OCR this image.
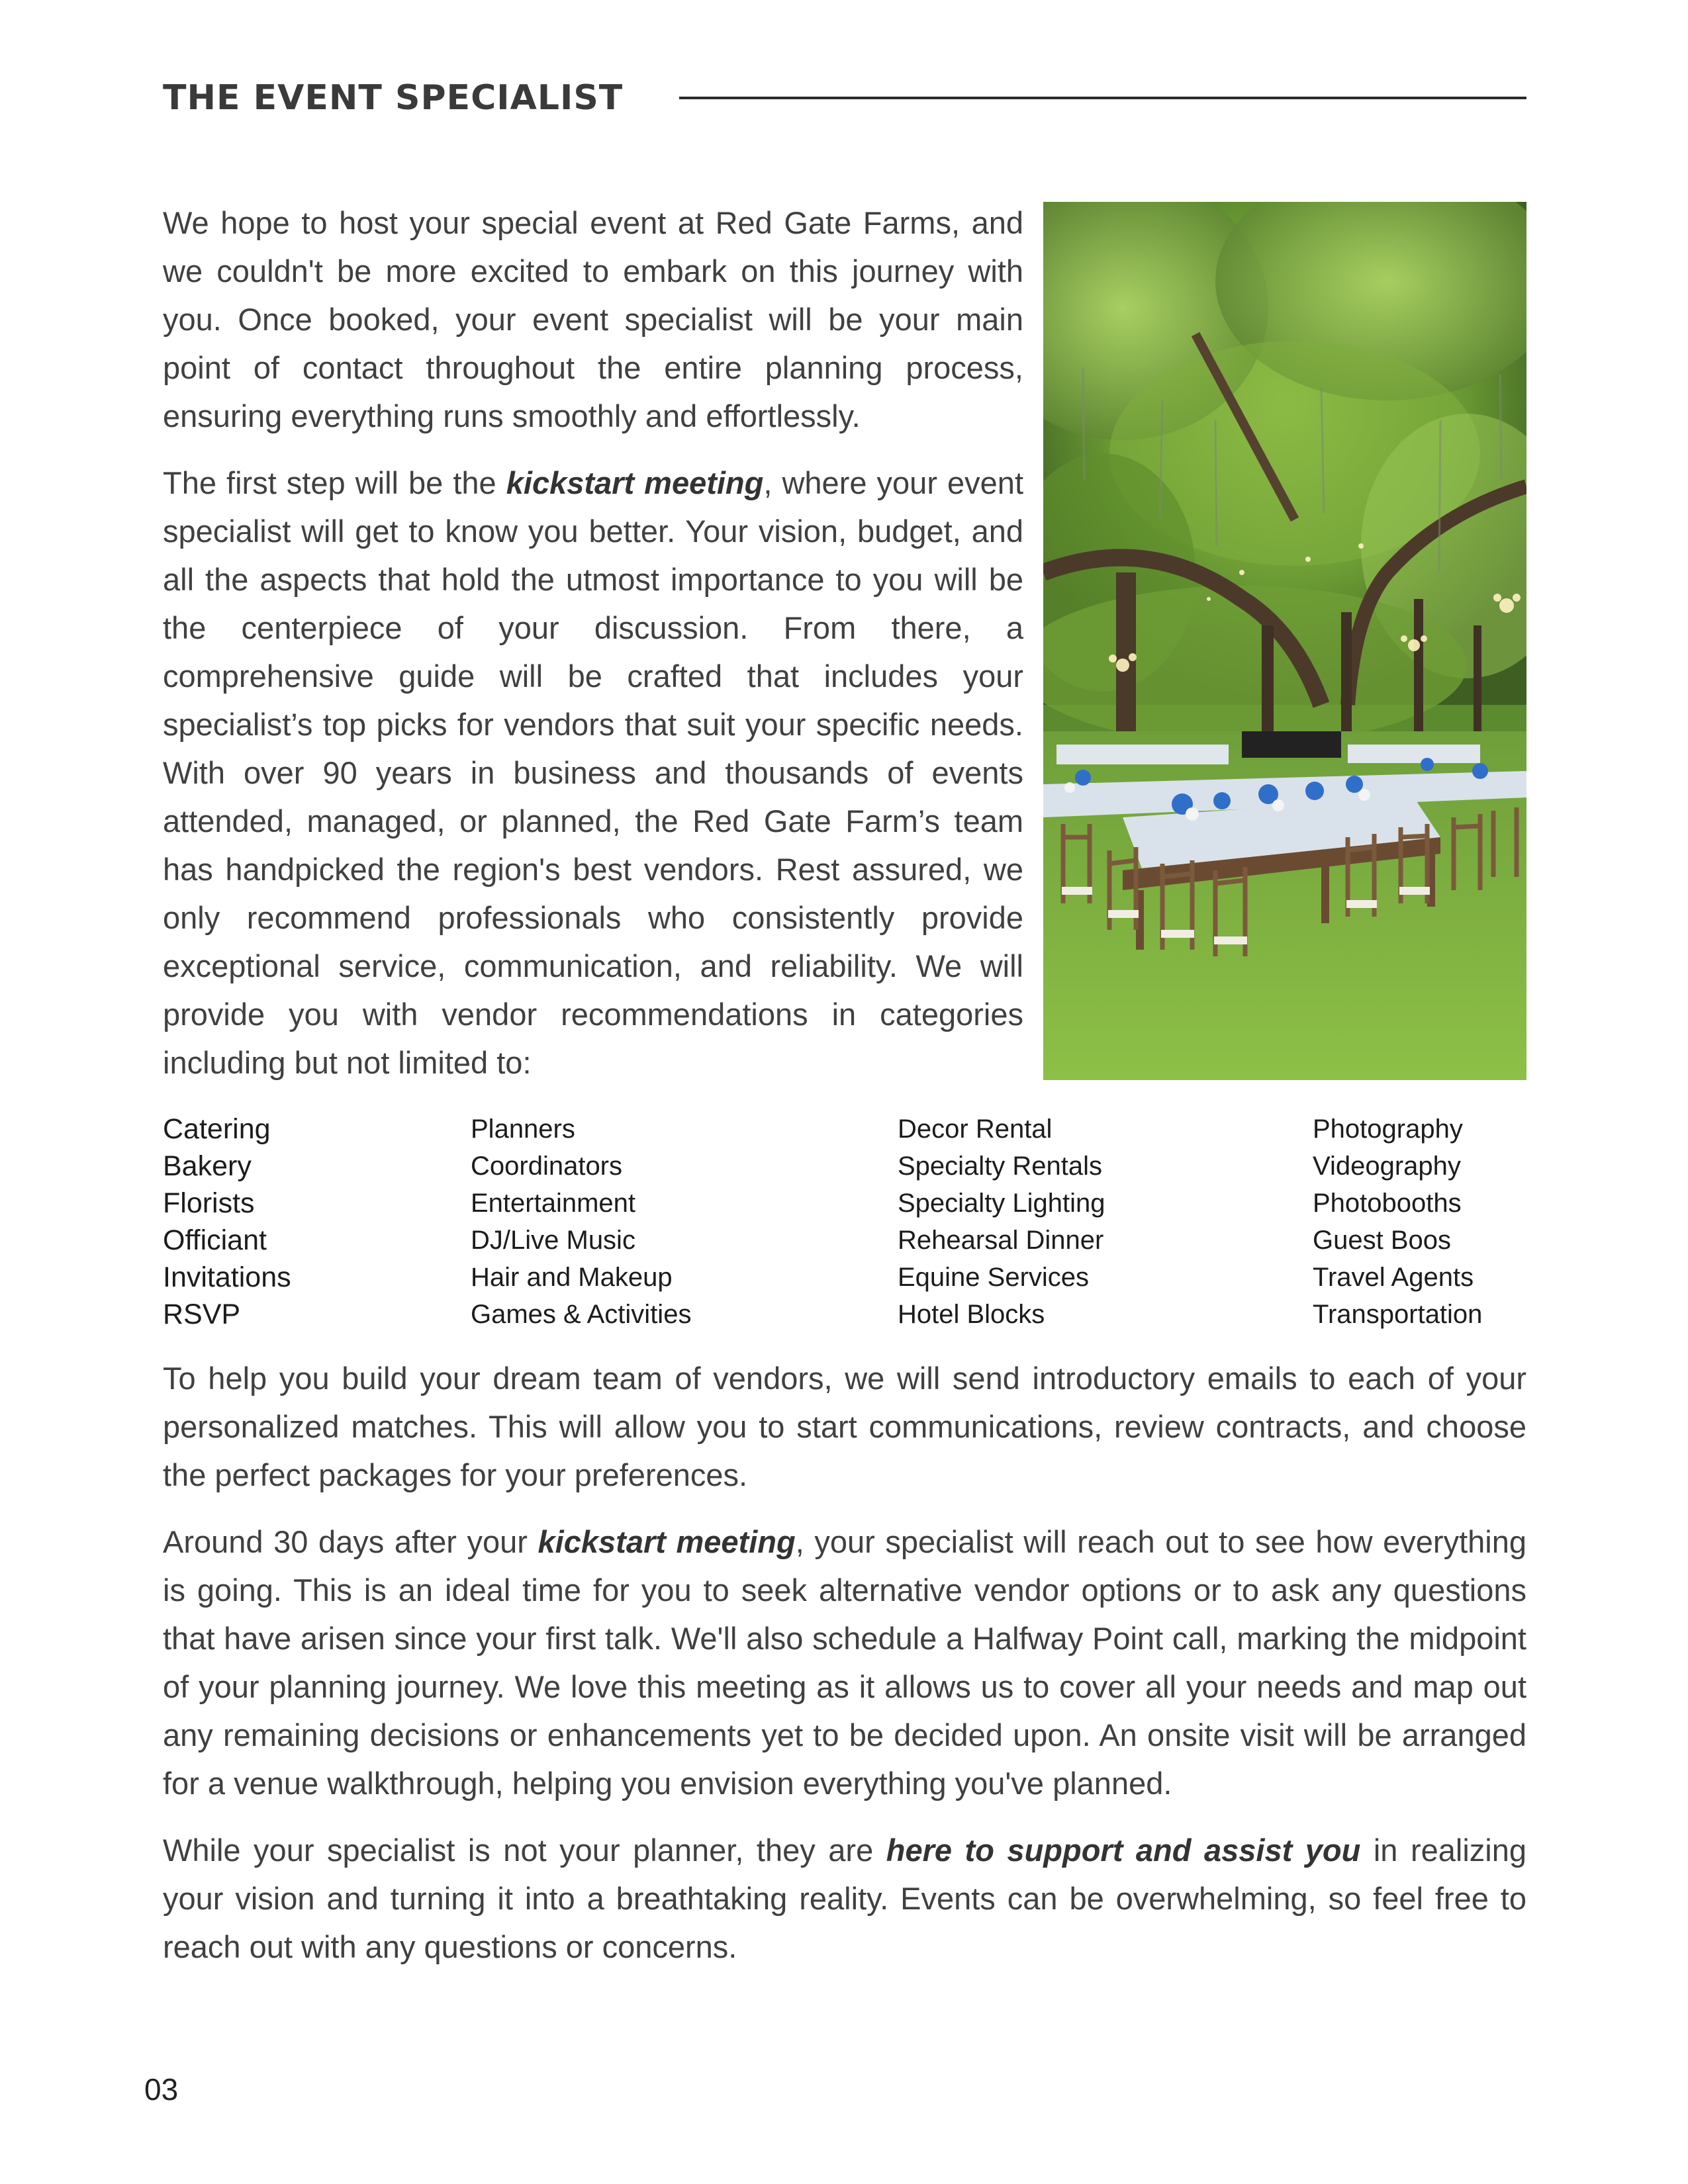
THE EVENT SPECIALIST

We hope to host your special event at Red Gate Farms, and we couldn't be more excited to embark on this journey with you. Once booked, your event specialist will be your main point of contact throughout the entire planning process, ensuring everything runs smoothly and effortlessly.

The first step will be the kickstart meeting, where your event specialist will get to know you better. Your vision, budget, and all the aspects that hold the utmost importance to you will be the centerpiece of your discussion. From there, a comprehensive guide will be crafted that includes your specialist’s top picks for vendors that suit your specific needs. With over 90 years in business and thousands of events attended, managed, or planned, the Red Gate Farm’s team has handpicked the region's best vendors. Rest assured, we only recommend professionals who consistently provide exceptional service, communication, and reliability. We will provide you with vendor recommendations in categories including but not limited to:

Catering
Bakery
Florists
Officiant
Invitations
RSVP
Planners
Coordinators
Entertainment
DJ/Live Music
Hair and Makeup
Games & Activities
Decor Rental
Specialty Rentals
Specialty Lighting
Rehearsal Dinner
Equine Services
Hotel Blocks
Photography
Videography
Photobooths
Guest Boos
Travel Agents
Transportation

To help you build your dream team of vendors, we will send introductory emails to each of your personalized matches. This will allow you to start communications, review contracts, and choose the perfect packages for your preferences.

Around 30 days after your kickstart meeting, your specialist will reach out to see how everything is going. This is an ideal time for you to seek alternative vendor options or to ask any questions that have arisen since your first talk. We'll also schedule a Halfway Point call, marking the midpoint of your planning journey. We love this meeting as it allows us to cover all your needs and map out any remaining decisions or enhancements yet to be decided upon. An onsite visit will be arranged for a venue walkthrough, helping you envision everything you've planned.

While your specialist is not your planner, they are here to support and assist you in realizing your vision and turning it into a breathtaking reality. Events can be overwhelming, so feel free to reach out with any questions or concerns.

03
